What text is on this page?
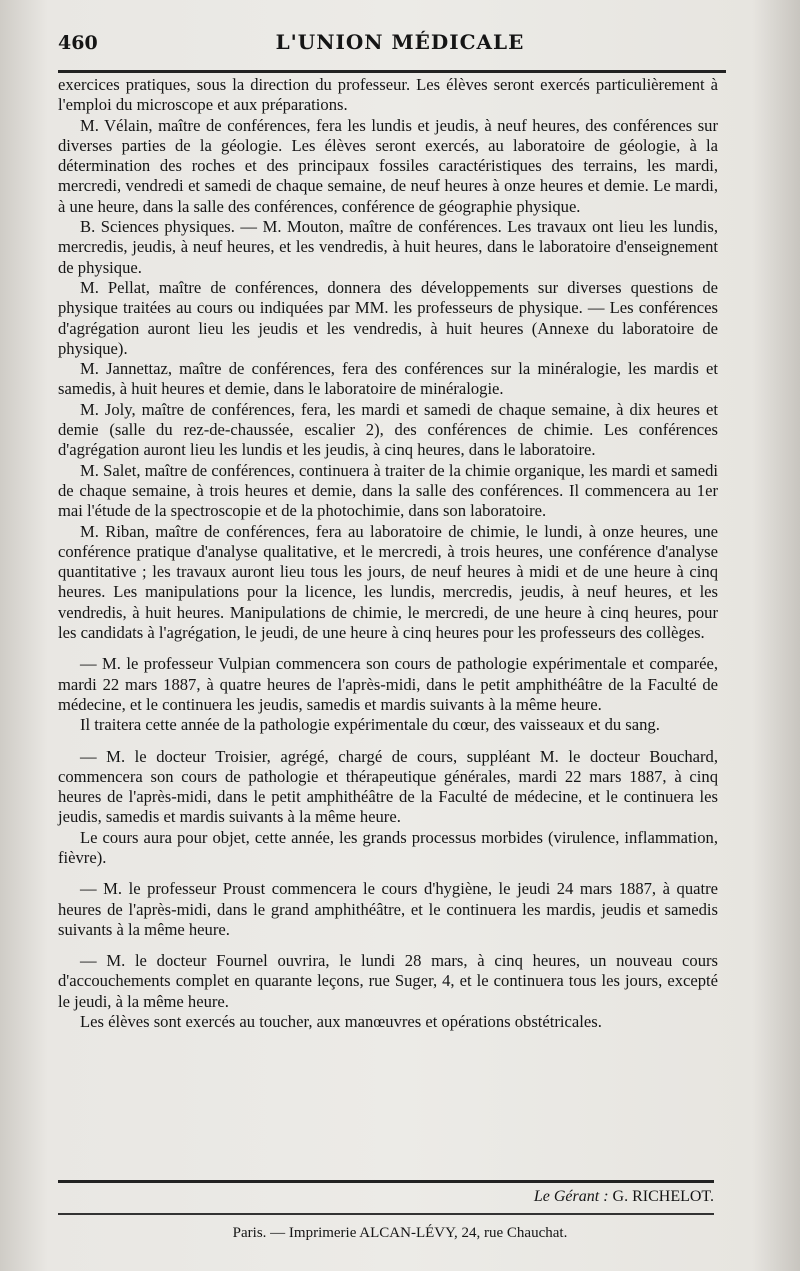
460	L'UNION MÉDICALE

exercices pratiques, sous la direction du professeur. Les élèves seront exercés particulièrement à l'emploi du microscope et aux préparations.

M. Vélain, maître de conférences, fera les lundis et jeudis, à neuf heures, des conférences sur diverses parties de la géologie. Les élèves seront exercés, au laboratoire de géologie, à la détermination des roches et des principaux fossiles caractéristiques des terrains, les mardi, mercredi, vendredi et samedi de chaque semaine, de neuf heures à onze heures et demie. Le mardi, à une heure, dans la salle des conférences, conférence de géographie physique.

B. Sciences physiques. — M. Mouton, maître de conférences. Les travaux ont lieu les lundis, mercredis, jeudis, à neuf heures, et les vendredis, à huit heures, dans le laboratoire d'enseignement de physique.

M. Pellat, maître de conférences, donnera des développements sur diverses questions de physique traitées au cours ou indiquées par MM. les professeurs de physique. — Les conférences d'agrégation auront lieu les jeudis et les vendredis, à huit heures (Annexe du laboratoire de physique).

M. Jannettaz, maître de conférences, fera des conférences sur la minéralogie, les mardis et samedis, à huit heures et demie, dans le laboratoire de minéralogie.

M. Joly, maître de conférences, fera, les mardi et samedi de chaque semaine, à dix heures et demie (salle du rez-de-chaussée, escalier 2), des conférences de chimie. Les conférences d'agrégation auront lieu les lundis et les jeudis, à cinq heures, dans le laboratoire.

M. Salet, maître de conférences, continuera à traiter de la chimie organique, les mardi et samedi de chaque semaine, à trois heures et demie, dans la salle des conférences. Il commencera au 1er mai l'étude de la spectroscopie et de la photochimie, dans son laboratoire.

M. Riban, maître de conférences, fera au laboratoire de chimie, le lundi, à onze heures, une conférence pratique d'analyse qualitative, et le mercredi, à trois heures, une conférence d'analyse quantitative ; les travaux auront lieu tous les jours, de neuf heures à midi et de une heure à cinq heures. Les manipulations pour la licence, les lundis, mercredis, jeudis, à neuf heures, et les vendredis, à huit heures. Manipulations de chimie, le mercredi, de une heure à cinq heures, pour les candidats à l'agrégation, le jeudi, de une heure à cinq heures pour les professeurs des collèges.

— M. le professeur Vulpian commencera son cours de pathologie expérimentale et comparée, mardi 22 mars 1887, à quatre heures de l'après-midi, dans le petit amphithéâtre de la Faculté de médecine, et le continuera les jeudis, samedis et mardis suivants à la même heure.

Il traitera cette année de la pathologie expérimentale du cœur, des vaisseaux et du sang.

— M. le docteur Troisier, agrégé, chargé de cours, suppléant M. le docteur Bouchard, commencera son cours de pathologie et thérapeutique générales, mardi 22 mars 1887, à cinq heures de l'après-midi, dans le petit amphithéâtre de la Faculté de médecine, et le continuera les jeudis, samedis et mardis suivants à la même heure.

Le cours aura pour objet, cette année, les grands processus morbides (virulence, inflammation, fièvre).

— M. le professeur Proust commencera le cours d'hygiène, le jeudi 24 mars 1887, à quatre heures de l'après-midi, dans le grand amphithéâtre, et le continuera les mardis, jeudis et samedis suivants à la même heure.

— M. le docteur Fournel ouvrira, le lundi 28 mars, à cinq heures, un nouveau cours d'accouchements complet en quarante leçons, rue Suger, 4, et le continuera tous les jours, excepté le jeudi, à la même heure.

Les élèves sont exercés au toucher, aux manœuvres et opérations obstétricales.

Le Gérant : G. RICHELOT.
Paris. — Imprimerie ALCAN-LÉVY, 24, rue Chauchat.
